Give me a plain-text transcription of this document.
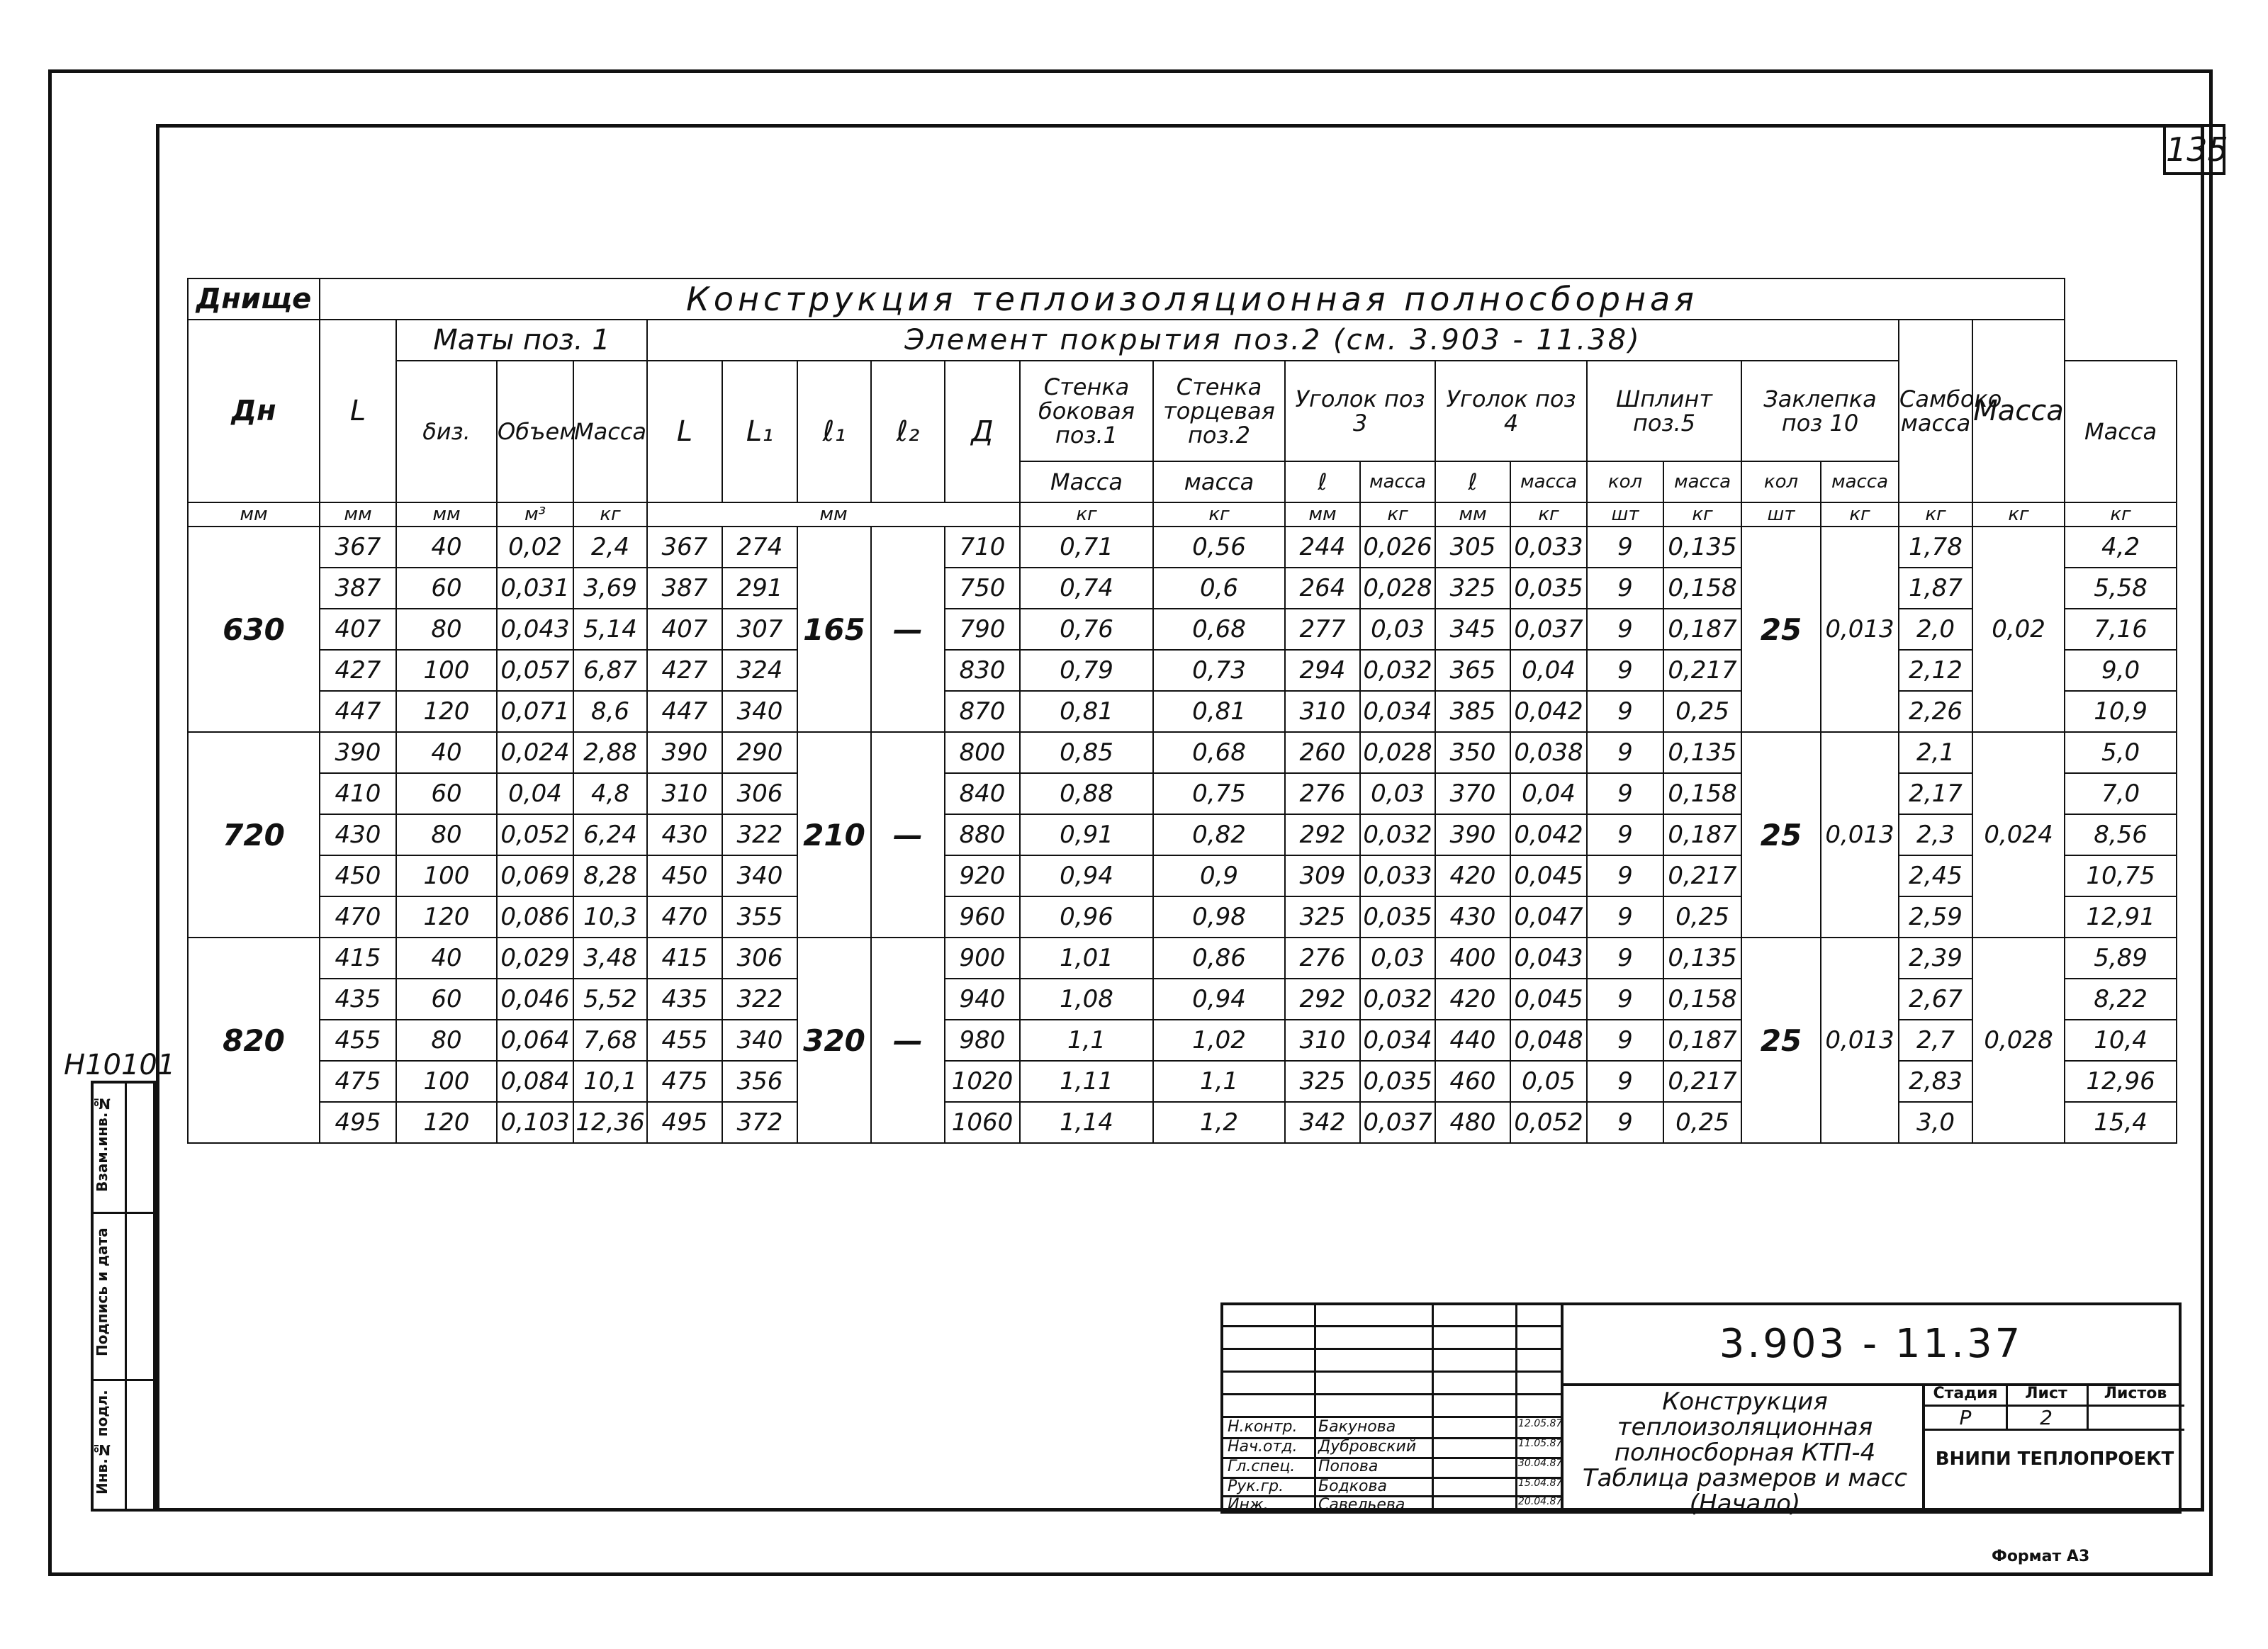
135
H10101
Взам.инв.№
Подпись и дата
Инв.№ подл.
Днище	Конструкция теплоизоляционная полносборная																					
Дн	L	Маты поз. 1			Элемент покрытия поз.2 (см. 3.903 - 11.38)															Самбоко масса	Масса	
		δиз.	Объем	Масса	L	L₁	ℓ₁	ℓ₂	Д	Стенка боковая поз.1	Стенка торцевая поз.2	Уголок поз 3		Уголок поз 4		Шплинт поз.5		Заклепка поз 10				Масса
										Масса	масса	ℓ	масса	ℓ	масса	кол	масса	кол	масса			
мм	мм	мм	м³	кг	мм					кг	кг	мм	кг	мм	кг	шт	кг	шт	кг	кг	кг	кг
630	367	40	0,02	2,4	367	274	165	—	710	0,71	0,56	244	0,026	305	0,033	9	0,135	25	0,013	1,78	0,02	4,2
	387	60	0,031	3,69	387	291			750	0,74	0,6	264	0,028	325	0,035	9	0,158			1,87		5,58
	407	80	0,043	5,14	407	307			790	0,76	0,68	277	0,03	345	0,037	9	0,187			2,0		7,16
	427	100	0,057	6,87	427	324			830	0,79	0,73	294	0,032	365	0,04	9	0,217			2,12		9,0
	447	120	0,071	8,6	447	340			870	0,81	0,81	310	0,034	385	0,042	9	0,25			2,26		10,9
720	390	40	0,024	2,88	390	290	210	—	800	0,85	0,68	260	0,028	350	0,038	9	0,135	25	0,013	2,1	0,024	5,0
	410	60	0,04	4,8	310	306			840	0,88	0,75	276	0,03	370	0,04	9	0,158			2,17		7,0
	430	80	0,052	6,24	430	322			880	0,91	0,82	292	0,032	390	0,042	9	0,187			2,3		8,56
	450	100	0,069	8,28	450	340			920	0,94	0,9	309	0,033	420	0,045	9	0,217			2,45		10,75
	470	120	0,086	10,3	470	355			960	0,96	0,98	325	0,035	430	0,047	9	0,25			2,59		12,91
820	415	40	0,029	3,48	415	306	320	—	900	1,01	0,86	276	0,03	400	0,043	9	0,135	25	0,013	2,39	0,028	5,89
	435	60	0,046	5,52	435	322			940	1,08	0,94	292	0,032	420	0,045	9	0,158			2,67		8,22
	455	80	0,064	7,68	455	340			980	1,1	1,02	310	0,034	440	0,048	9	0,187			2,7		10,4
	475	100	0,084	10,1	475	356			1020	1,11	1,1	325	0,035	460	0,05	9	0,217			2,83		12,96
	495	120	0,103	12,36	495	372			1060	1,14	1,2	342	0,037	480	0,052	9	0,25			3,0		15,4
Н.контр. Бакунова	12.05.87
Нач.отд. Дубровский	11.05.87
Гл.спец. Попова	30.04.87
Рук.гр. Бодкова	15.04.87
Инж.	Савельева	20.04.87
3.903 - 11.37
Конструкция теплоизоляционная полносборная КТП-4 Таблица размеров и масс (Начало)
Стадия	Лист	Листов
Р	2
ВНИПИ ТЕПЛОПРОЕКТ
Формат А3
